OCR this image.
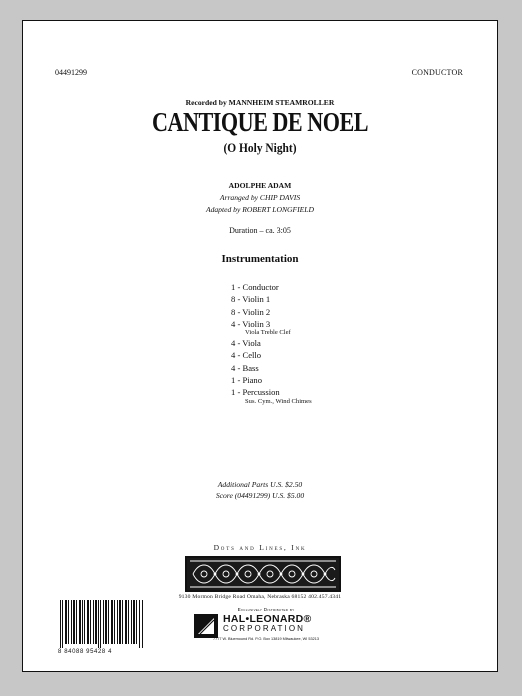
04491299	CONDUCTOR
Recorded by MANNHEIM STEAMROLLER
CANTIQUE DE NOEL
(O Holy Night)
ADOLPHE ADAM
Arranged by CHIP DAVIS
Adapted by ROBERT LONGFIELD
Duration – ca. 3:05
Instrumentation
1 - Conductor
8 - Violin 1
8 - Violin 2
4 - Violin 3
Viola Treble Clef
4 - Viola
4 - Cello
4 - Bass
1 - Piano
1 - Percussion
Sus. Cym., Wind Chimes
Additional Parts U.S. $2.50
Score (04491299) U.S. $5.00
Dots and Lines, Ink
9130 Mormon Bridge Road Omaha, Nebraska 68152 402.457.4341
8 84088 95428 4
Exclusively Distributed by
HAL•LEONARD®
CORPORATION
7777 W. Bluemound Rd. P.O. Box 13819 Milwaukee, WI 53213
